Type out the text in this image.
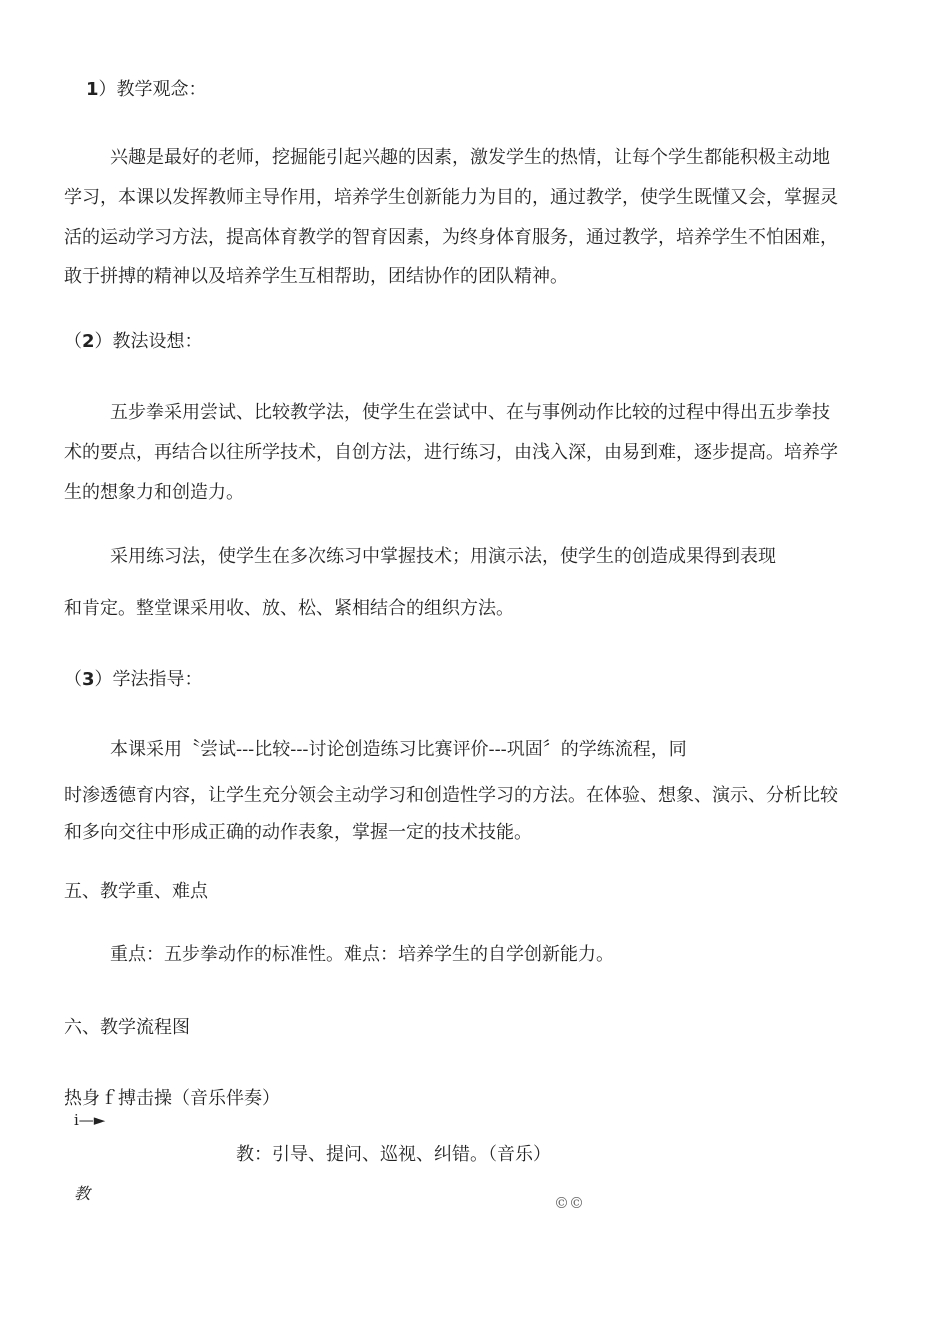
1）教学观念：
兴趣是最好的老师，挖掘能引起兴趣的因素，激发学生的热情，让每个学生都能积极主动地
学习，本课以发挥教师主导作用，培养学生创新能力为目的，通过教学，使学生既懂又会，掌握灵
活的运动学习方法，提高体育教学的智育因素，为终身体育服务，通过教学，培养学生不怕困难，
敢于拼搏的精神以及培养学生互相帮助，团结协作的团队精神。
（2）教法设想：
五步拳采用尝试、比较教学法，使学生在尝试中、在与事例动作比较的过程中得出五步拳技
术的要点，再结合以往所学技术，自创方法，进行练习，由浅入深，由易到难，逐步提高。培养学
生的想象力和创造力。
采用练习法，使学生在多次练习中掌握技术；用演示法，使学生的创造成果得到表现
和肯定。整堂课采用收、放、松、紧相结合的组织方法。
（3）学法指导：
本课采用〝尝试---比较---讨论创造练习比赛评价---巩固〞的学练流程，同
时渗透德育内容，让学生充分领会主动学习和创造性学习的方法。在体验、想象、演示、分析比较
和多向交往中形成正确的动作表象，掌握一定的技术技能。
五、教学重、难点
重点：五步拳动作的标准性。难点：培养学生的自学创新能力。
六、教学流程图
热身ｆ搏击操（音乐伴奏）
i—►
教：引导、提问、巡视、纠错。（音乐）
教	©©
